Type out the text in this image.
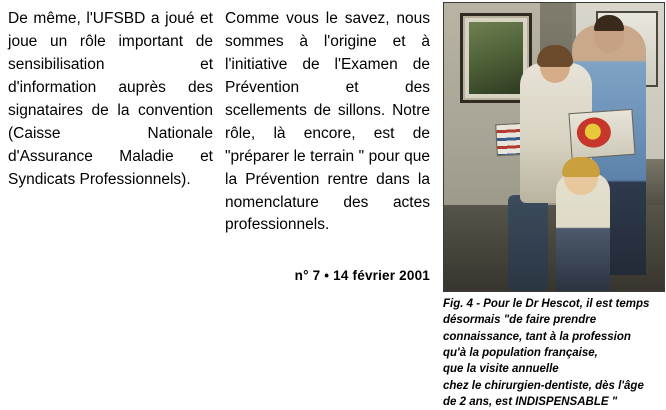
De même, l'UFSBD a joué et joue un rôle important de sensibilisation et d'information auprès des signataires de la convention (Caisse Nationale d'Assurance Maladie et Syndicats Professionnels).

Comme vous le savez, nous sommes à l'origine et à l'initiative de l'Examen de Prévention et des scellements de sillons. Notre rôle, là encore, est de "préparer le terrain " pour que la Prévention rentre dans la nomenclature des actes professionnels.

n° 7 • 14 février 2001

Fig. 4 - Pour le Dr Hescot, il est temps

désormais "de faire prendre

connaissance, tant à la profession

qu'à la population française,

que la visite annuelle

chez le chirurgien-dentiste, dès l'âge

de 2 ans, est INDISPENSABLE "
